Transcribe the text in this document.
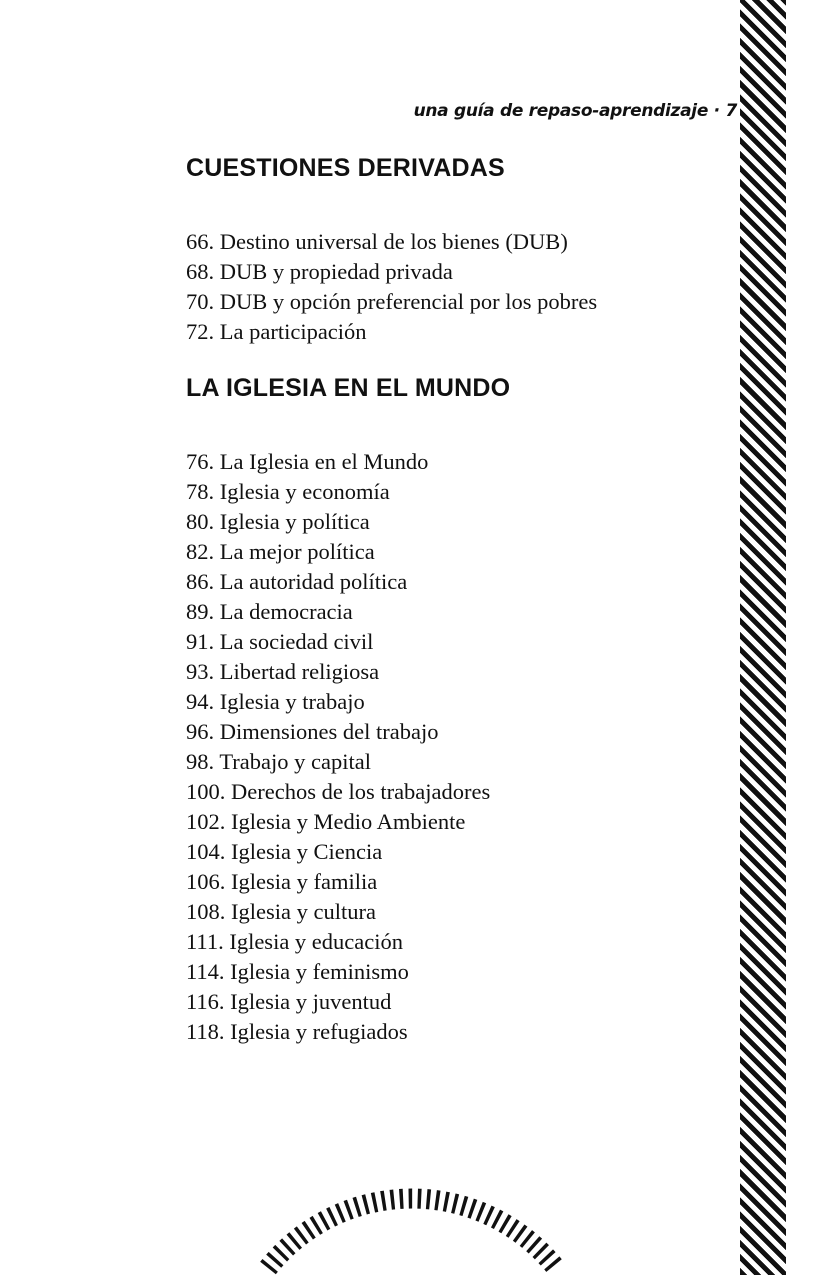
una guía de repaso-aprendizaje · 7
CUESTIONES DERIVADAS
66. Destino universal de los bienes (DUB)
68. DUB y propiedad privada
70. DUB y opción preferencial por los pobres
72. La participación
LA IGLESIA EN EL MUNDO
76. La Iglesia en el Mundo
78. Iglesia y economía
80. Iglesia y política
82. La mejor política
86. La autoridad política
89. La democracia
91. La sociedad civil
93. Libertad religiosa
94. Iglesia y trabajo
96. Dimensiones del trabajo
98. Trabajo y capital
100. Derechos de los trabajadores
102. Iglesia y Medio Ambiente
104. Iglesia y Ciencia
106. Iglesia y familia
108. Iglesia y cultura
111. Iglesia y educación
114. Iglesia y feminismo
116. Iglesia y juventud
118. Iglesia y refugiados
